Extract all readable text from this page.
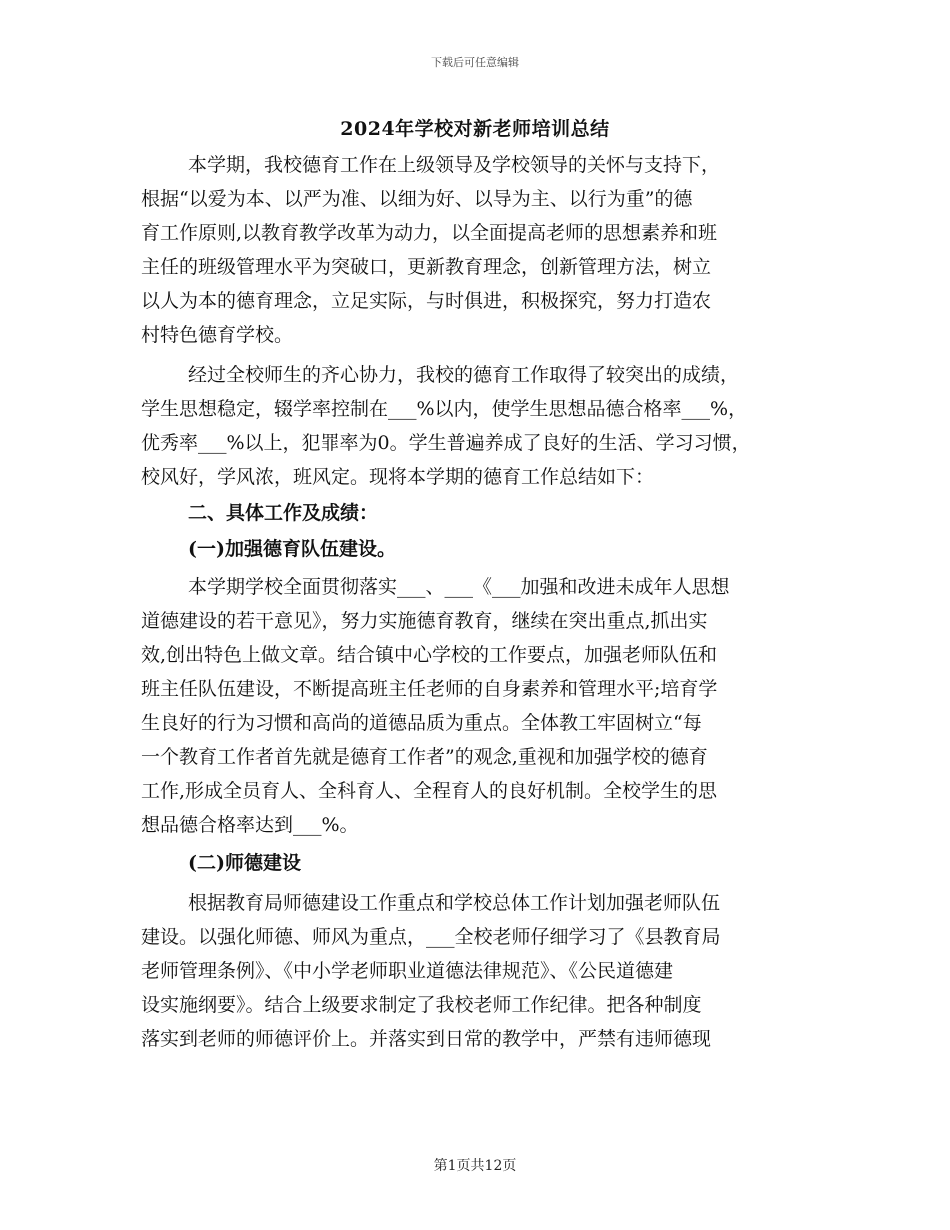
下载后可任意编辑
2024年学校对新老师培训总结
本学期，我校德育工作在上级领导及学校领导的关怀与支持下，
根据“以爱为本、以严为准、以细为好、以导为主、以行为重”的德
育工作原则,以教育教学改革为动力，以全面提高老师的思想素养和班
主任的班级管理水平为突破口，更新教育理念，创新管理方法，树立
以人为本的德育理念，立足实际，与时俱进，积极探究，努力打造农
村特色德育学校。
经过全校师生的齐心协力，我校的德育工作取得了较突出的成绩，
学生思想稳定，辍学率控制在___%以内，使学生思想品德合格率___%，
优秀率___%以上，犯罪率为0。学生普遍养成了良好的生活、学习习惯，
校风好，学风浓，班风定。现将本学期的德育工作总结如下：
二、具体工作及成绩：
(一)加强德育队伍建设。
本学期学校全面贯彻落实___、___《___加强和改进未成年人思想
道德建设的若干意见》，努力实施德育教育，继续在突出重点,抓出实
效,创出特色上做文章。结合镇中心学校的工作要点，加强老师队伍和
班主任队伍建设，不断提高班主任老师的自身素养和管理水平;培育学
生良好的行为习惯和高尚的道德品质为重点。全体教工牢固树立“每
一个教育工作者首先就是德育工作者”的观念,重视和加强学校的德育
工作,形成全员育人、全科育人、全程育人的良好机制。全校学生的思
想品德合格率达到___%。
(二)师德建设
根据教育局师德建设工作重点和学校总体工作计划加强老师队伍
建设。以强化师德、师风为重点，___全校老师仔细学习了《县教育局
老师管理条例》、《中小学老师职业道德法律规范》、《公民道德建
设实施纲要》。结合上级要求制定了我校老师工作纪律。把各种制度
落实到老师的师德评价上。并落实到日常的教学中，严禁有违师德现
第1页共12页
